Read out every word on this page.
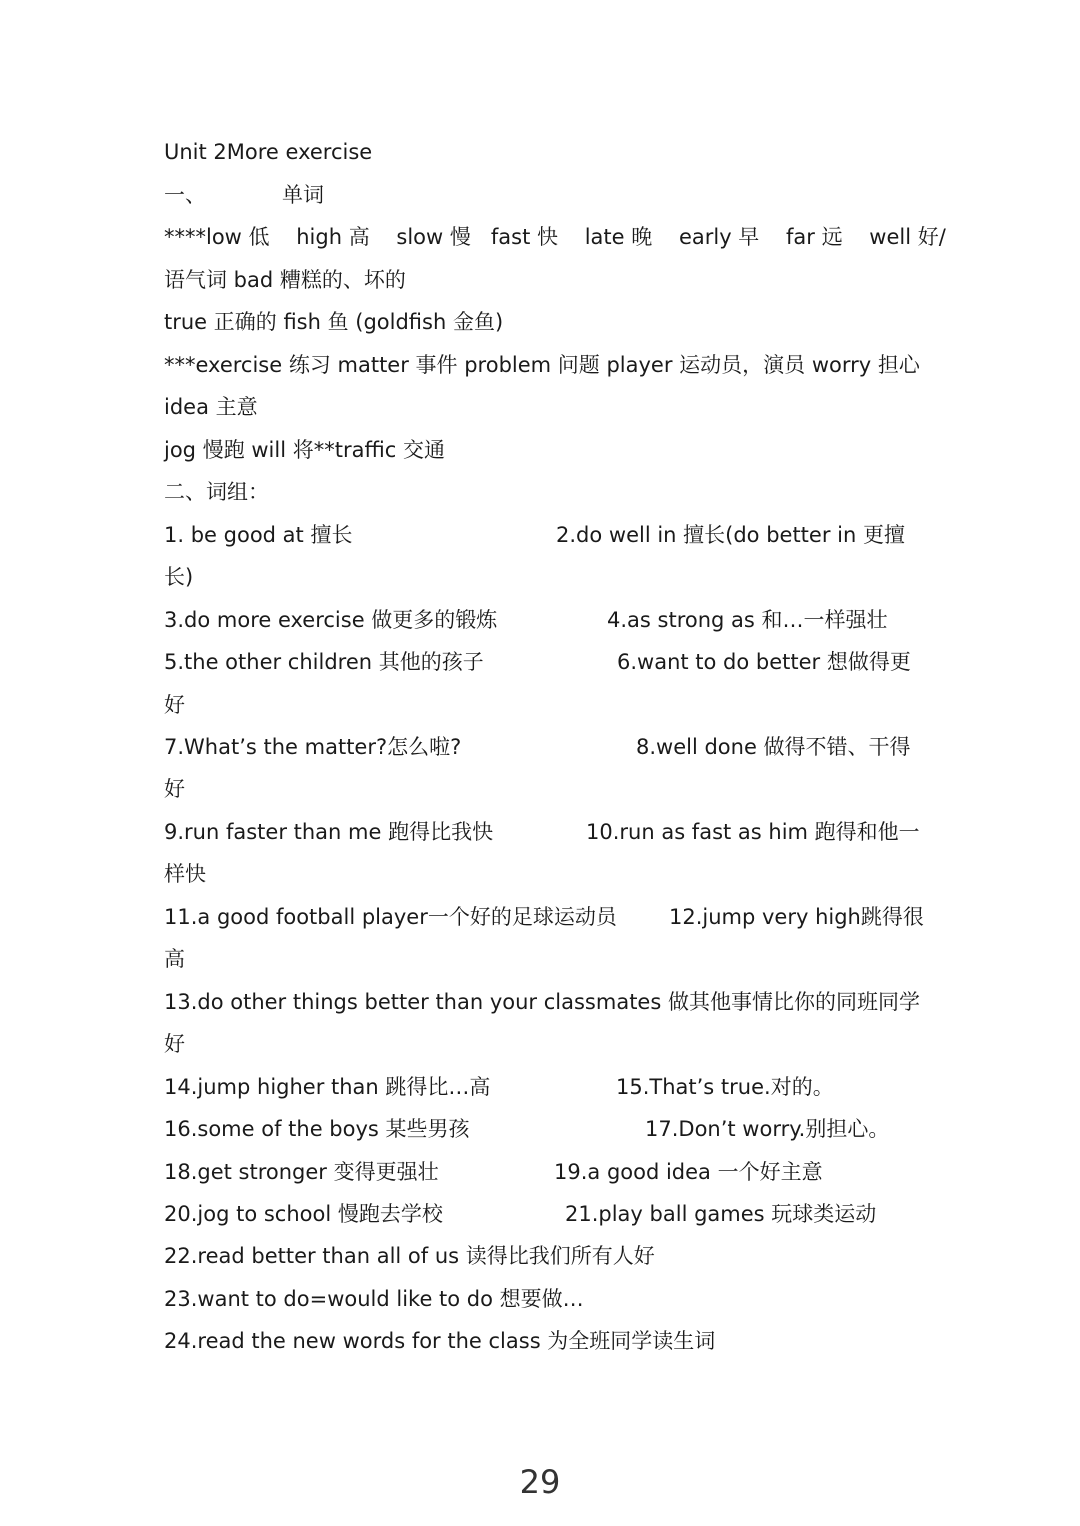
Unit 2More exercise
一、	单词
****low 低    high 高    slow 慢   fast 快    late 晚    early 早    far 远    well 好/
语气词 bad 糟糕的、坏的
true 正确的 fish 鱼 (goldfish 金鱼)
***exercise 练习 matter 事件 problem 问题 player 运动员，演员 worry 担心
idea 主意
jog 慢跑 will 将**traffic 交通
二、词组：
1. be good at 擅长	2.do well in 擅长(do better in 更擅
长)
3.do more exercise 做更多的锻炼	4.as strong as 和…一样强壮
5.the other children 其他的孩子	6.want to do better 想做得更
好
7.What’s the matter?怎么啦?	8.well done 做得不错、干得
好
9.run faster than me 跑得比我快	10.run as fast as him 跑得和他一
样快
11.a good football player一个好的足球运动员 12.jump very high跳得很
高
13.do other things better than your classmates 做其他事情比你的同班同学
好
14.jump higher than 跳得比…高	15.That’s true.对的。
16.some of the boys 某些男孩	17.Don’t worry.别担心。
18.get stronger 变得更强壮	19.a good idea 一个好主意
20.jog to school 慢跑去学校	21.play ball games 玩球类运动
22.read better than all of us 读得比我们所有人好
23.want to do=would like to do 想要做…
24.read the new words for the class 为全班同学读生词
29
